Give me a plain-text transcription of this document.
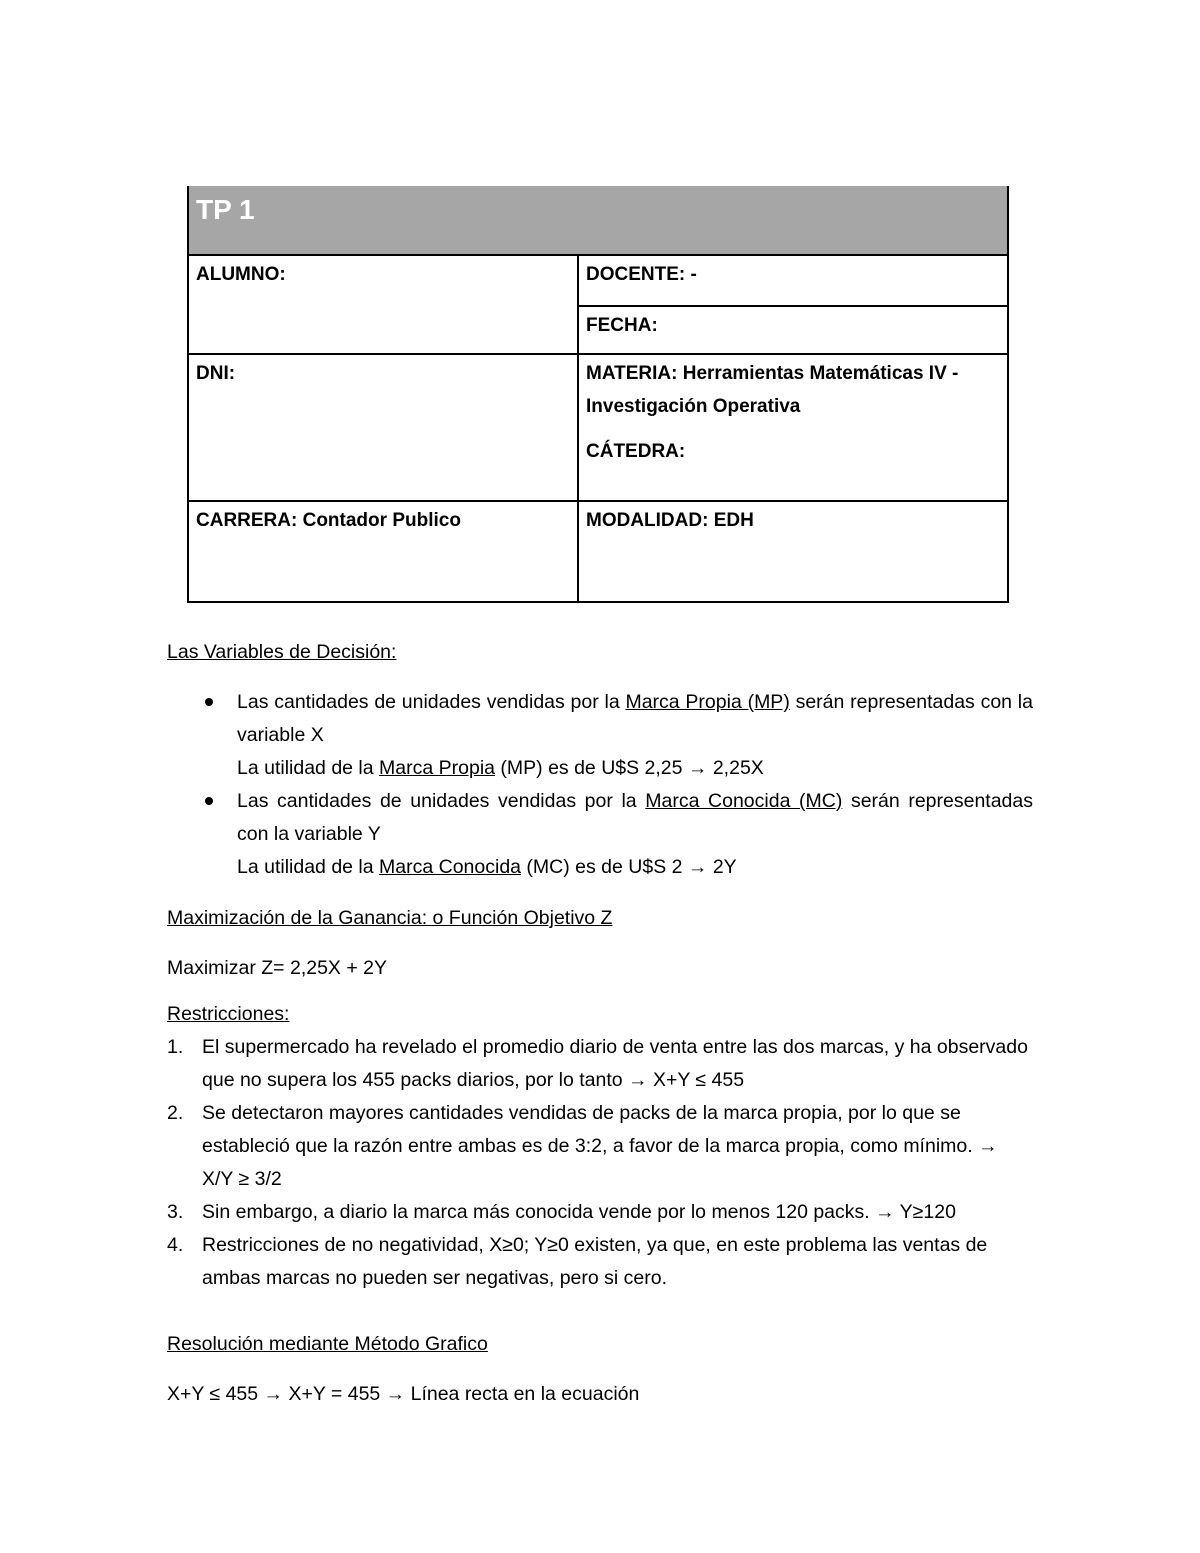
TP 1
ALUMNO:	DOCENTE: -
FECHA:
DNI:	MATERIA: Herramientas Matemáticas IV - Investigación Operativa
CÁTEDRA:
CARRERA: Contador Publico	MODALIDAD: EDH
Las Variables de Decisión:
Las cantidades de unidades vendidas por la Marca Propia (MP) serán representadas con la variable X
La utilidad de la Marca Propia (MP) es de U$S 2,25 → 2,25X
Las cantidades de unidades vendidas por la Marca Conocida (MC) serán representadas con la variable Y
La utilidad de la Marca Conocida (MC) es de U$S 2 → 2Y
Maximización de la Ganancia: o Función Objetivo Z
Maximizar Z= 2,25X + 2Y
Restricciones:
1. El supermercado ha revelado el promedio diario de venta entre las dos marcas, y ha observado que no supera los 455 packs diarios, por lo tanto → X+Y ≤ 455
2. Se detectaron mayores cantidades vendidas de packs de la marca propia, por lo que se estableció que la razón entre ambas es de 3:2, a favor de la marca propia, como mínimo. → X/Y ≥ 3/2
3. Sin embargo, a diario la marca más conocida vende por lo menos 120 packs. → Y≥120
4. Restricciones de no negatividad, X≥0; Y≥0 existen, ya que, en este problema las ventas de ambas marcas no pueden ser negativas, pero si cero.
Resolución mediante Método Grafico
X+Y ≤ 455 → X+Y = 455 → Línea recta en la ecuación
